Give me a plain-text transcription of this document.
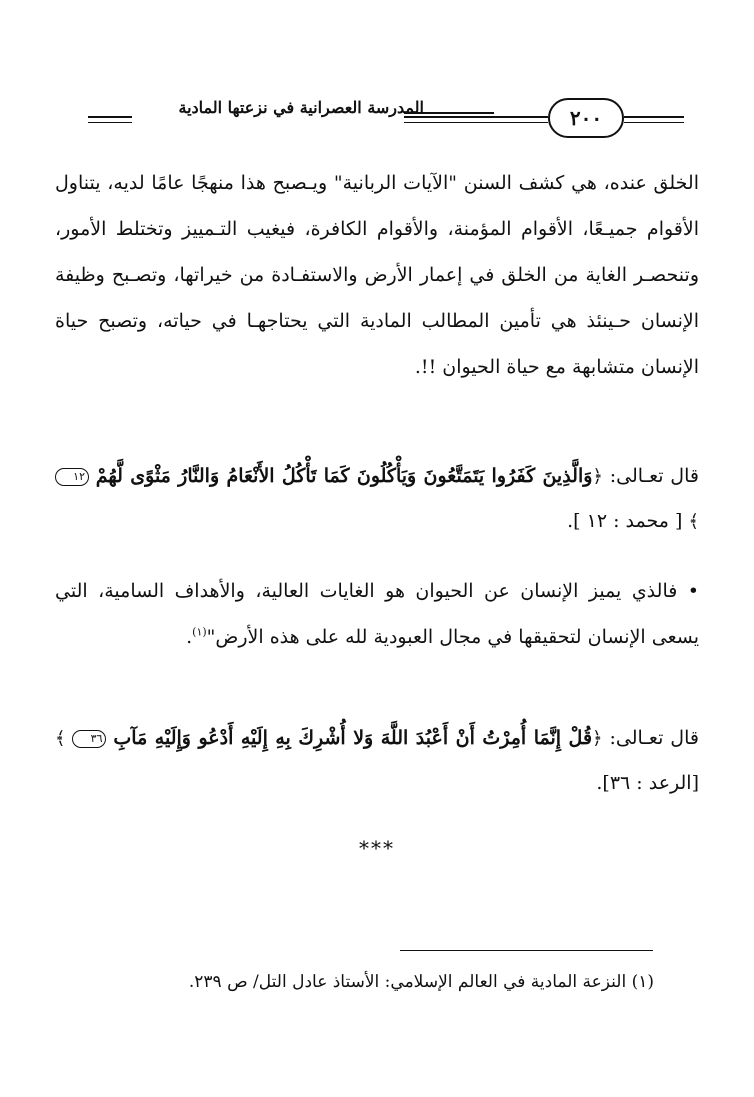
المدرسة العصرانية في نزعتها المادية	٢٠٠
الخلق عنده، هي كشف السنن "الآيات الربانية" ويـصبح هذا منهجًا عامًا لديه، يتناول الأقوام جميـعًا، الأقوام المؤمنة، والأقوام الكافرة، فيغيب التـمييز وتختلط الأمور، وتنحصـر الغاية من الخلق في إعمار الأرض والاستفـادة من خيراتها، وتصـبح وظيفة الإنسان حـينئذ هي تأمين المطالب المادية التي يحتاجهـا في حياته، وتصبح حياة الإنسان متشابهة مع حياة الحيوان !!.
قال تعـالى: ﴿وَالَّذِينَ كَفَرُوا يَتَمَتَّعُونَ وَيَأْكُلُونَ كَمَا تَأْكُلُ الأَنْعَامُ وَالنَّارُ مَثْوًى لَّهُمْ ١٢ ﴾ [ محمد : ١٢ ].
• فالذي يميز الإنسان عن الحيوان هو الغايات العالية، والأهداف السامية، التي يسعى الإنسان لتحقيقها في مجال العبودية لله على هذه الأرض"$^{(١)}$.
قال تعـالى: ﴿قُلْ إِنَّمَا أُمِرْتُ أَنْ أَعْبُدَ اللَّهَ وَلا أُشْرِكَ بِهِ إِلَيْهِ أَدْعُو وَإِلَيْهِ مَآبِ ٣٦ ﴾ [الرعد : ٣٦].
***
(١) النزعة المادية في العالم الإسلامي: الأستاذ عادل التل/ ص ٢٣٩.
